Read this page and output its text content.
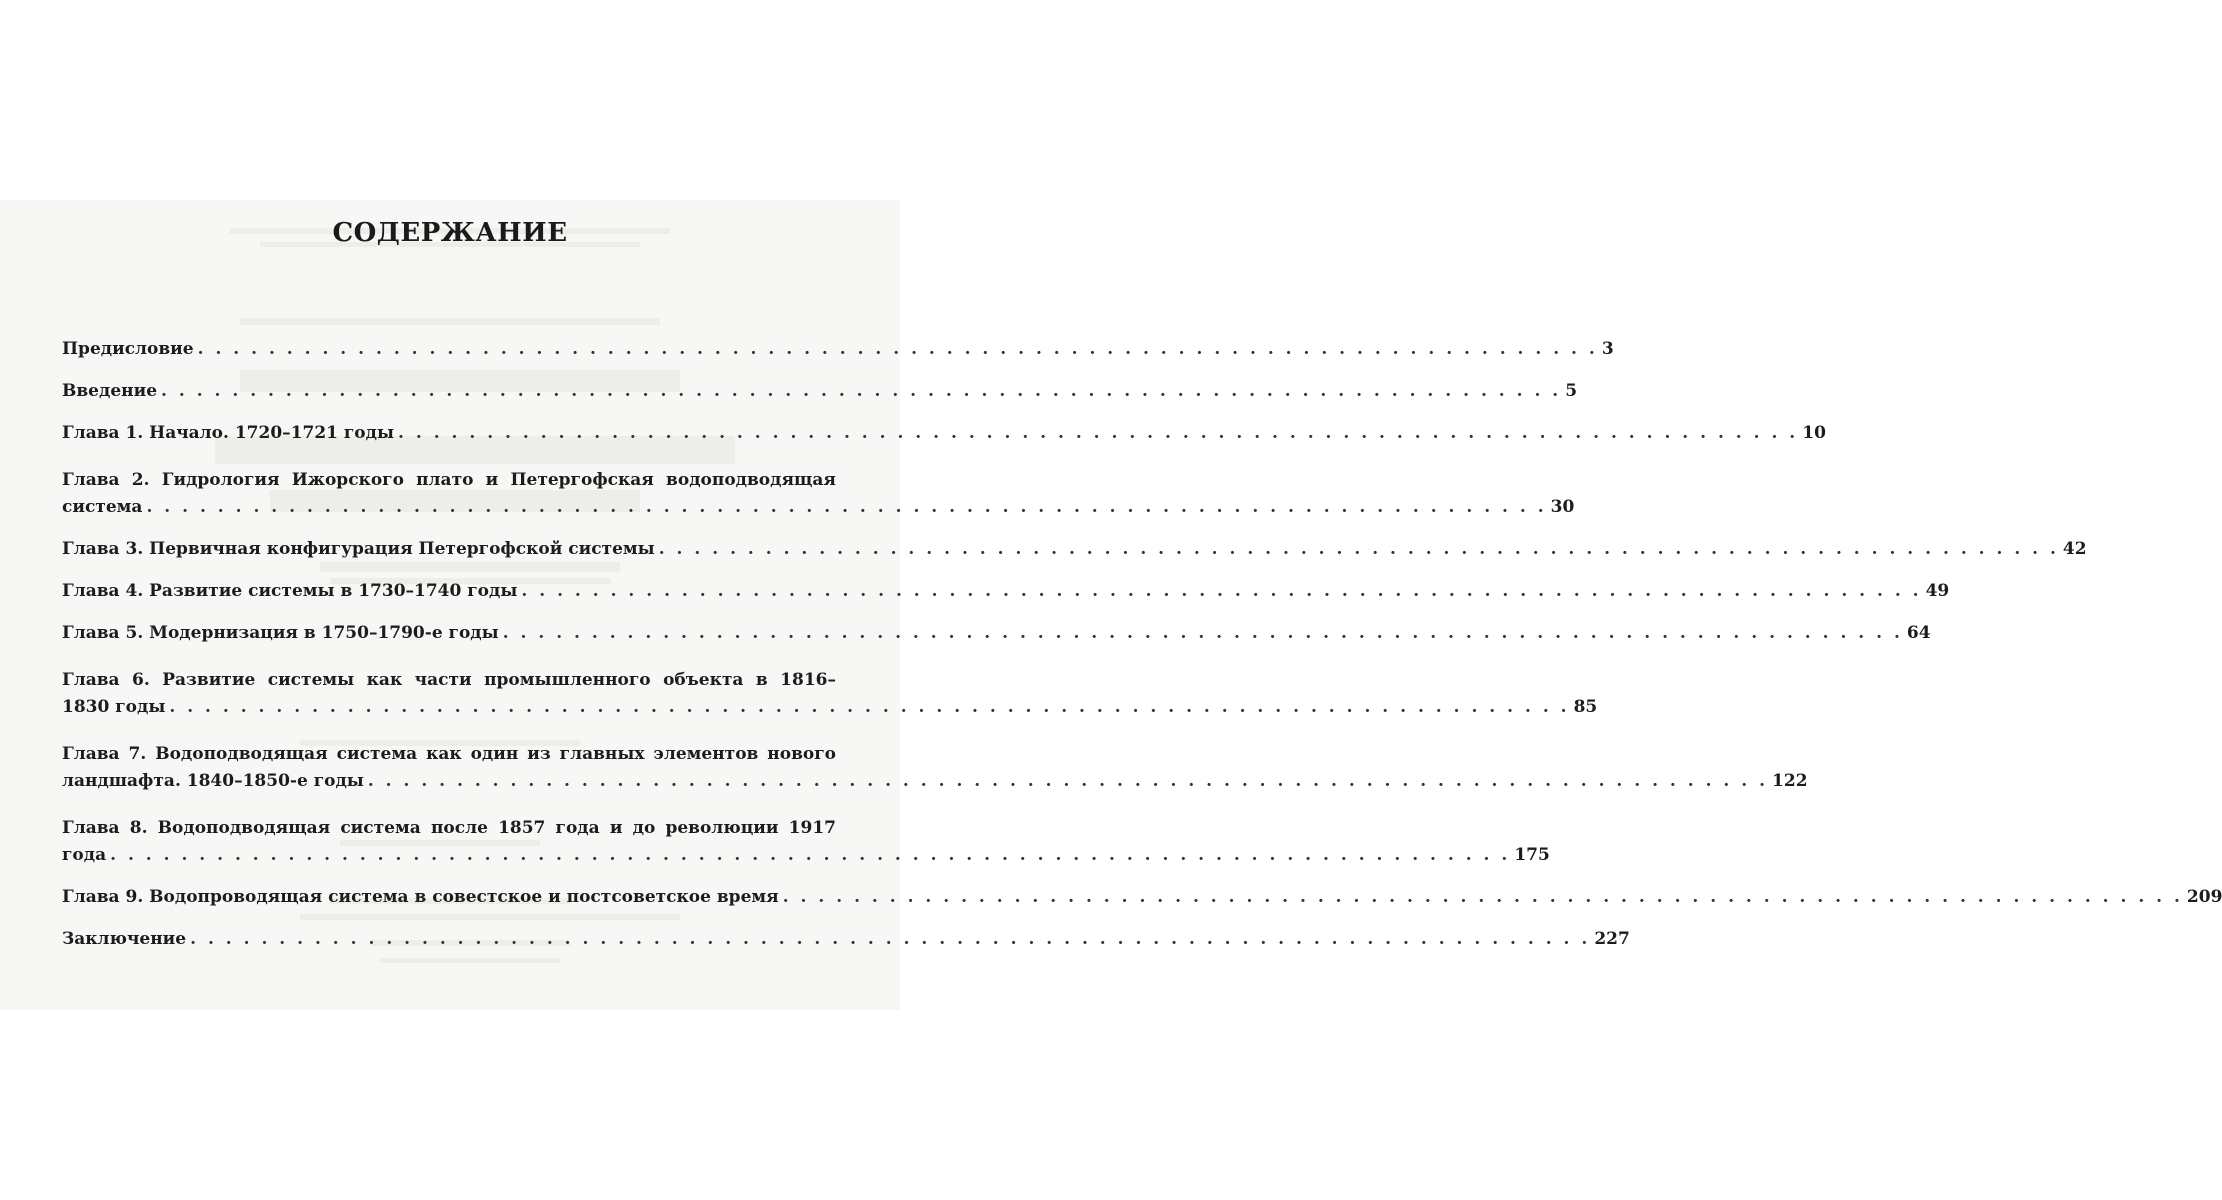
СОДЕРЖАНИЕ
Предисловие . . . . . . . . . . . . . . . . . . . . . . . . . . . . . . . . . . . . . . . . . . . . . . . . . . . . . . . . . . . . . . . . . . . . . . . . . . . . . . . 3
Введение . . . . . . . . . . . . . . . . . . . . . . . . . . . . . . . . . . . . . . . . . . . . . . . . . . . . . . . . . . . . . . . . . . . . . . . . . . . . . . . 5
Глава 1. Начало. 1720–1721 годы . . . . . . . . . . . . . . . . . . . . . . . . . . . . . . . . . . . . . . . . . . . . . . . . . . . . . . . . . . . . . . . . . . . . . . . . . . . . . . . 10
Глава 2. Гидрология Ижорского плато и Петергофская водоподводящая
система . . . . . . . . . . . . . . . . . . . . . . . . . . . . . . . . . . . . . . . . . . . . . . . . . . . . . . . . . . . . . . . . . . . . . . . . . . . . . . . 30
Глава 3. Первичная конфигурация Петергофской системы . . . . . . . . . . . . . . . . . . . . . . . . . . . . . . . . . . . . . . . . . . . . . . . . . . . . . . . . . . . . . . . . . . . . . . . . . . . . . . . 42
Глава 4. Развитие системы в 1730–1740 годы . . . . . . . . . . . . . . . . . . . . . . . . . . . . . . . . . . . . . . . . . . . . . . . . . . . . . . . . . . . . . . . . . . . . . . . . . . . . . . . 49
Глава 5. Модернизация в 1750–1790-е годы . . . . . . . . . . . . . . . . . . . . . . . . . . . . . . . . . . . . . . . . . . . . . . . . . . . . . . . . . . . . . . . . . . . . . . . . . . . . . . . 64
Глава 6. Развитие системы как части промышленного объекта в 1816–
1830 годы . . . . . . . . . . . . . . . . . . . . . . . . . . . . . . . . . . . . . . . . . . . . . . . . . . . . . . . . . . . . . . . . . . . . . . . . . . . . . . . 85
Глава 7. Водоподводящая система как один из главных элементов нового
ландшафта. 1840–1850-е годы . . . . . . . . . . . . . . . . . . . . . . . . . . . . . . . . . . . . . . . . . . . . . . . . . . . . . . . . . . . . . . . . . . . . . . . . . . . . . . . 122
Глава 8. Водоподводящая система после 1857 года и до революции 1917
года . . . . . . . . . . . . . . . . . . . . . . . . . . . . . . . . . . . . . . . . . . . . . . . . . . . . . . . . . . . . . . . . . . . . . . . . . . . . . . . 175
Глава 9. Водопроводящая система в совестское и постсоветское время . . . . . . . . . . . . . . . . . . . . . . . . . . . . . . . . . . . . . . . . . . . . . . . . . . . . . . . . . . . . . . . . . . . . . . . . . . . . . . . 209
Заключение . . . . . . . . . . . . . . . . . . . . . . . . . . . . . . . . . . . . . . . . . . . . . . . . . . . . . . . . . . . . . . . . . . . . . . . . . . . . . . . 227
